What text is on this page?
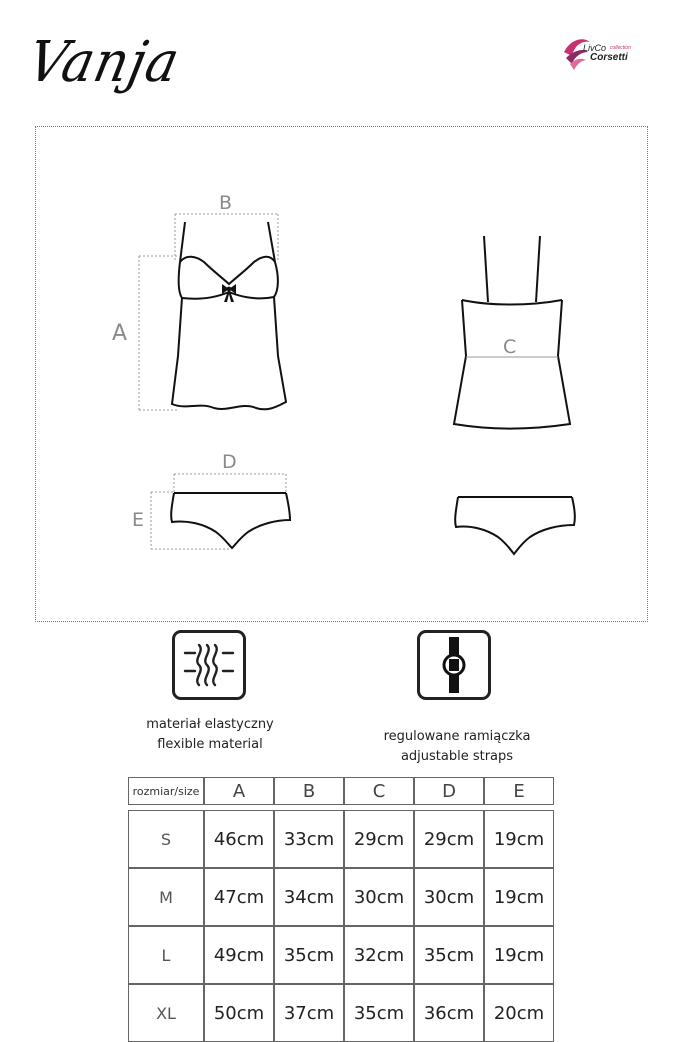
Vanja	LivCo collection
Corsetti
B
A
C
D
E
materiał elastyczny
flexible material
regulowane ramiączka
adjustable straps
rozmiar/size	A	B	C	D	E

S	46cm	33cm	29cm	29cm	19cm
M	47cm	34cm	30cm	30cm	19cm
L	49cm	35cm	32cm	35cm	19cm
XL	50cm	37cm	35cm	36cm	20cm
